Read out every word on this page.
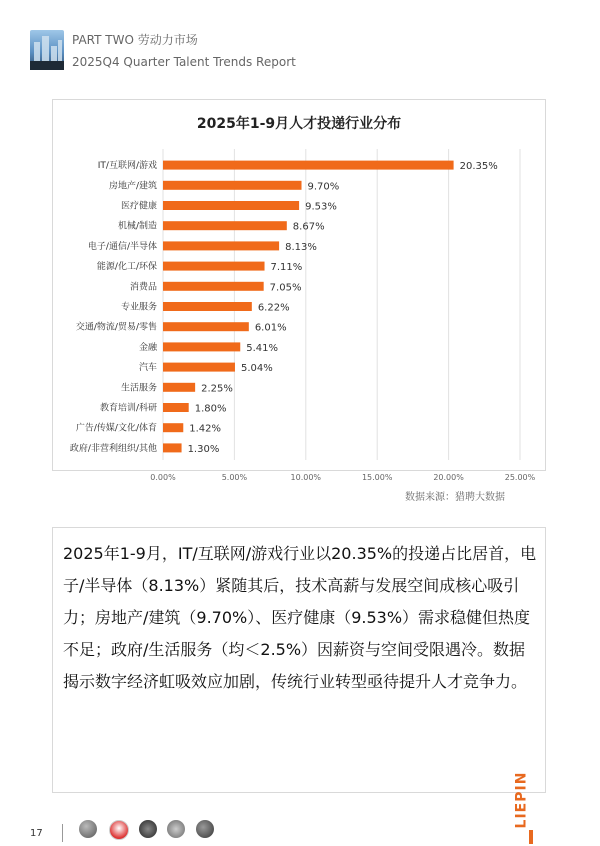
PART TWO 劳动力市场
2025Q4 Quarter Talent Trends Report
2025年1-9月人才投递行业分布
0.00%	5.00%	10.00%	15.00%	20.00%	25.00%
IT/互联网/游戏	20.35%
房地产/建筑	9.70%
医疗健康	9.53%
机械/制造	8.67%
电子/通信/半导体	8.13%
能源/化工/环保	7.11%
消费品	7.05%
专业服务	6.22%
交通/物流/贸易/零售	6.01%
金融	5.41%
汽车	5.04%
生活服务	2.25%
教育培训/科研	1.80%
广告/传媒/文化/体育	1.42%
政府/非营利组织/其他	1.30%
数据来源：猎聘大数据
2025年1-9月，IT/互联网/游戏行业以20.35%的投递占比居首，电子/半导体（8.13%）紧随其后，技术高薪与发展空间成核心吸引力；房地产/建筑（9.70%）、医疗健康（9.53%）需求稳健但热度不足；政府/生活服务（均＜2.5%）因薪资与空间受限遇冷。数据揭示数字经济虹吸效应加剧，传统行业转型亟待提升人才竞争力。
LIEPIN
17
